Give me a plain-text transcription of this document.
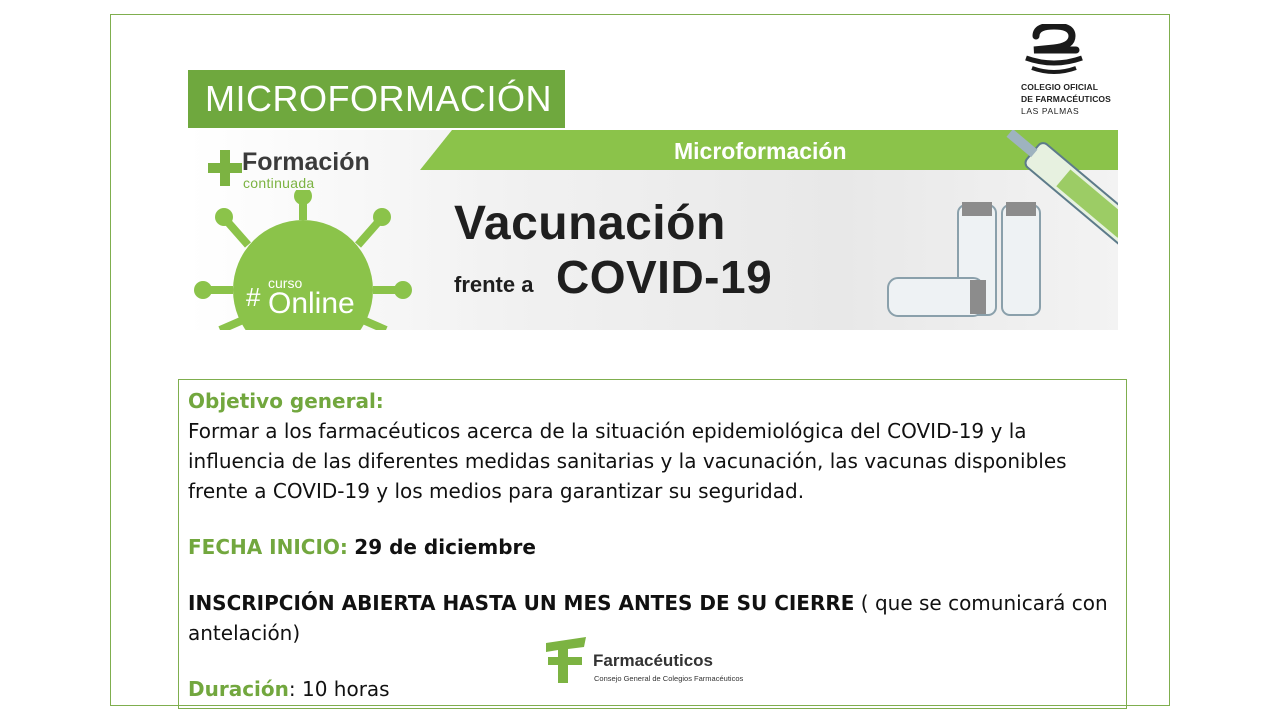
MICROFORMACIÓN	COLEGIO OFICIAL
DE FARMACÉUTICOS
LAS PALMAS
Microformación
Formación
continuada
# curso
Online
Vacunación
frente a COVID-19
Objetivo general:
Formar a los farmacéuticos acerca de la situación epidemiológica del COVID-19 y la influencia de las diferentes medidas sanitarias y la vacunación, las vacunas disponibles frente a COVID-19 y los medios para garantizar su seguridad.
FECHA INICIO: 29 de diciembre
INSCRIPCIÓN ABIERTA HASTA UN MES ANTES DE SU CIERRE ( que se comunicará con antelación)
Duración: 10 horas
Farmacéuticos
Consejo General de Colegios Farmacéuticos
